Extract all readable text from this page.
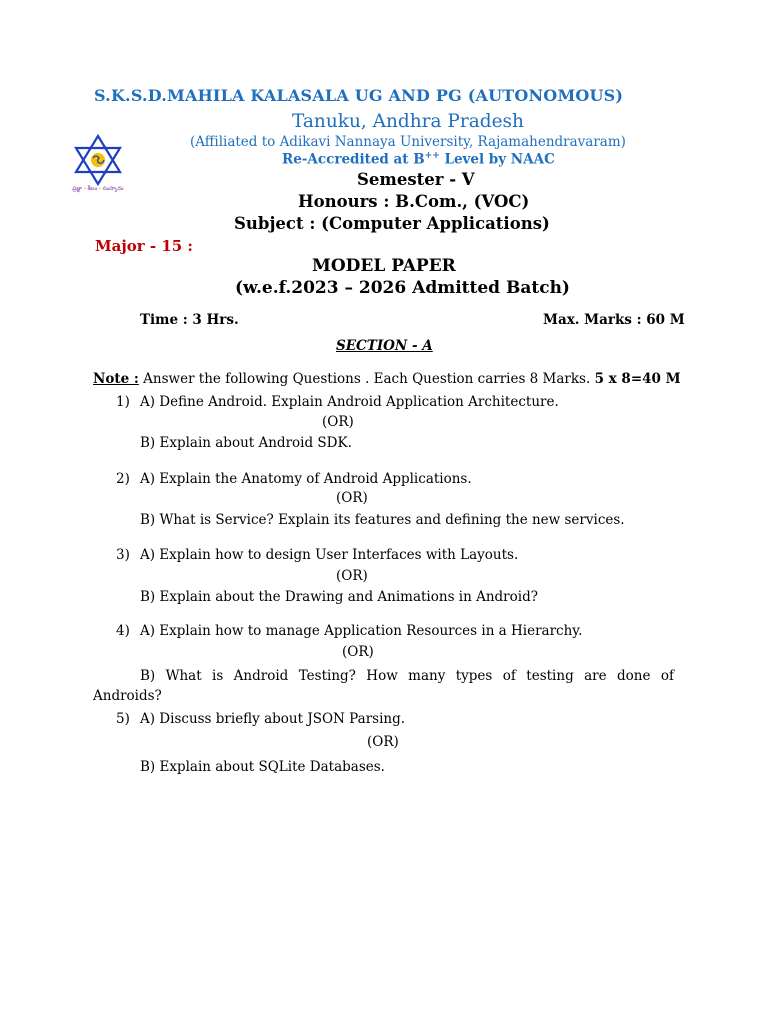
S.K.S.D.MAHILA KALASALA UG AND PG (AUTONOMOUS)
Tanuku, Andhra Pradesh
(Affiliated to Adikavi Nannaya University, Rajamahendravaram)
Re-Accredited at B++ Level by NAAC
ప్రజ్ఞా - శీలం - సంస్కారం	Semester - V
Honours : B.Com., (VOC)
Subject : (Computer Applications)
Major - 15 :
MODEL PAPER
(w.e.f.2023 – 2026 Admitted Batch)
Time : 3 Hrs.	Max. Marks : 60 M
SECTION - A
Note : Answer the following Questions . Each Question carries 8 Marks. 5 x 8=40 M
1) A) Define Android. Explain Android Application Architecture.
(OR)
B) Explain about Android SDK.
2) A) Explain the Anatomy of Android Applications.
(OR)
B) What is Service? Explain its features and defining the new services.
3) A) Explain how to design User Interfaces with Layouts.
(OR)
B) Explain about the Drawing and Animations in Android?
4) A) Explain how to manage Application Resources in a Hierarchy.
(OR)
B) What is Android Testing? How many types of testing are done of
Androids?
5) A) Discuss briefly about JSON Parsing.
(OR)
B) Explain about SQLite Databases.
